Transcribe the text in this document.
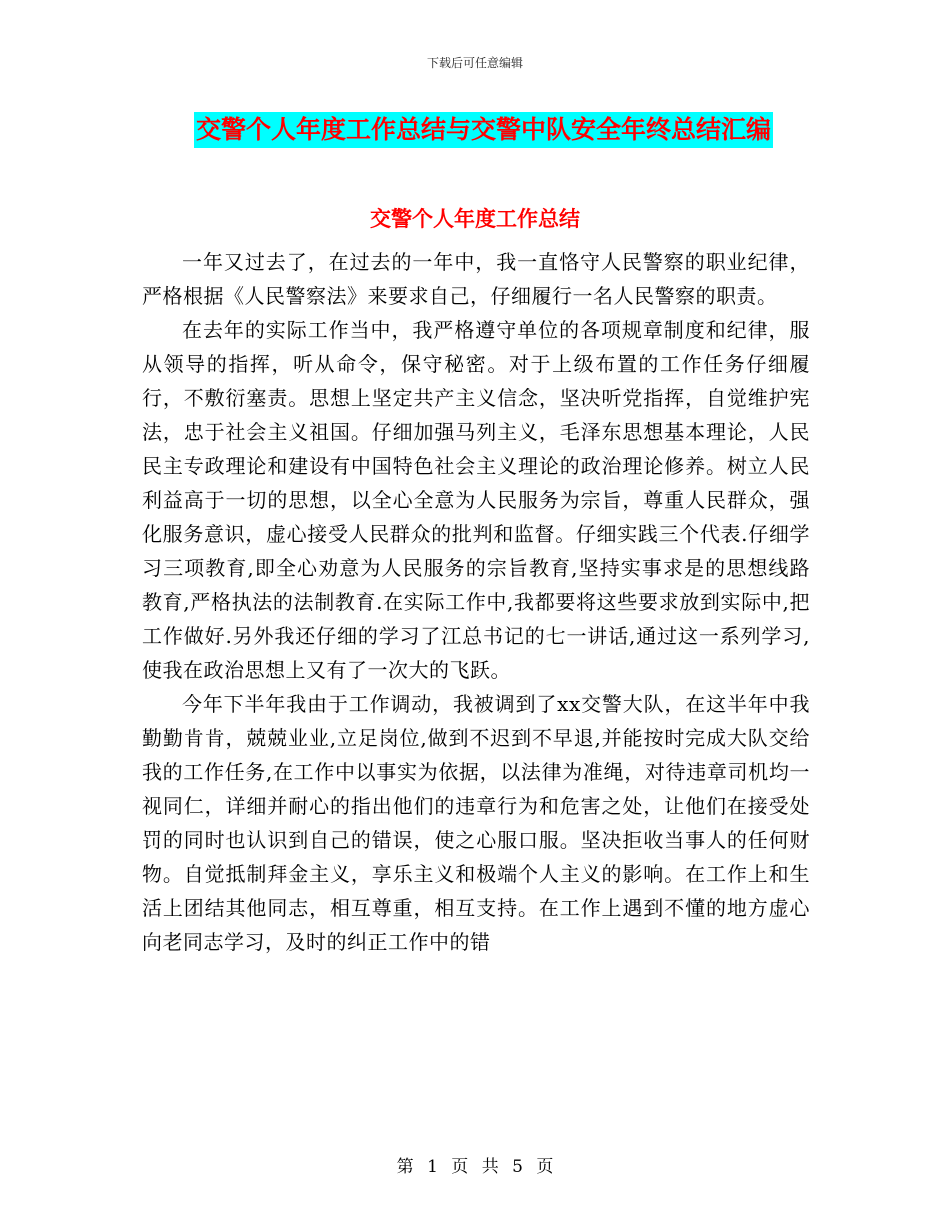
下载后可任意编辑
交警个人年度工作总结与交警中队安全年终总结汇编
交警个人年度工作总结

一年又过去了，在过去的一年中，我一直恪守人民警察的职业纪律，严格根据《人民警察法》来要求自己，仔细履行一名人民警察的职责。

在去年的实际工作当中，我严格遵守单位的各项规章制度和纪律，服从领导的指挥，听从命令，保守秘密。对于上级布置的工作任务仔细履行，不敷衍塞责。思想上坚定共产主义信念，坚决听党指挥，自觉维护宪法，忠于社会主义祖国。仔细加强马列主义，毛泽东思想基本理论，人民民主专政理论和建设有中国特色社会主义理论的政治理论修养。树立人民利益高于一切的思想，以全心全意为人民服务为宗旨，尊重人民群众，强化服务意识，虚心接受人民群众的批判和监督。仔细实践三个代表.仔细学习三项教育,即全心劝意为人民服务的宗旨教育,坚持实事求是的思想线路教育,严格执法的法制教育.在实际工作中,我都要将这些要求放到实际中,把工作做好.另外我还仔细的学习了江总书记的七一讲话,通过这一系列学习,使我在政治思想上又有了一次大的飞跃。

今年下半年我由于工作调动，我被调到了xx交警大队，在这半年中我勤勤肯肯，兢兢业业,立足岗位,做到不迟到不早退,并能按时完成大队交给我的工作任务,在工作中以事实为依据，以法律为准绳，对待违章司机均一视同仁，详细并耐心的指出他们的违章行为和危害之处，让他们在接受处罚的同时也认识到自己的错误，使之心服口服。坚决拒收当事人的任何财物。自觉抵制拜金主义，享乐主义和极端个人主义的影响。在工作上和生活上团结其他同志，相互尊重，相互支持。在工作上遇到不懂的地方虚心向老同志学习，及时的纠正工作中的错

第 1 页 共 5 页
